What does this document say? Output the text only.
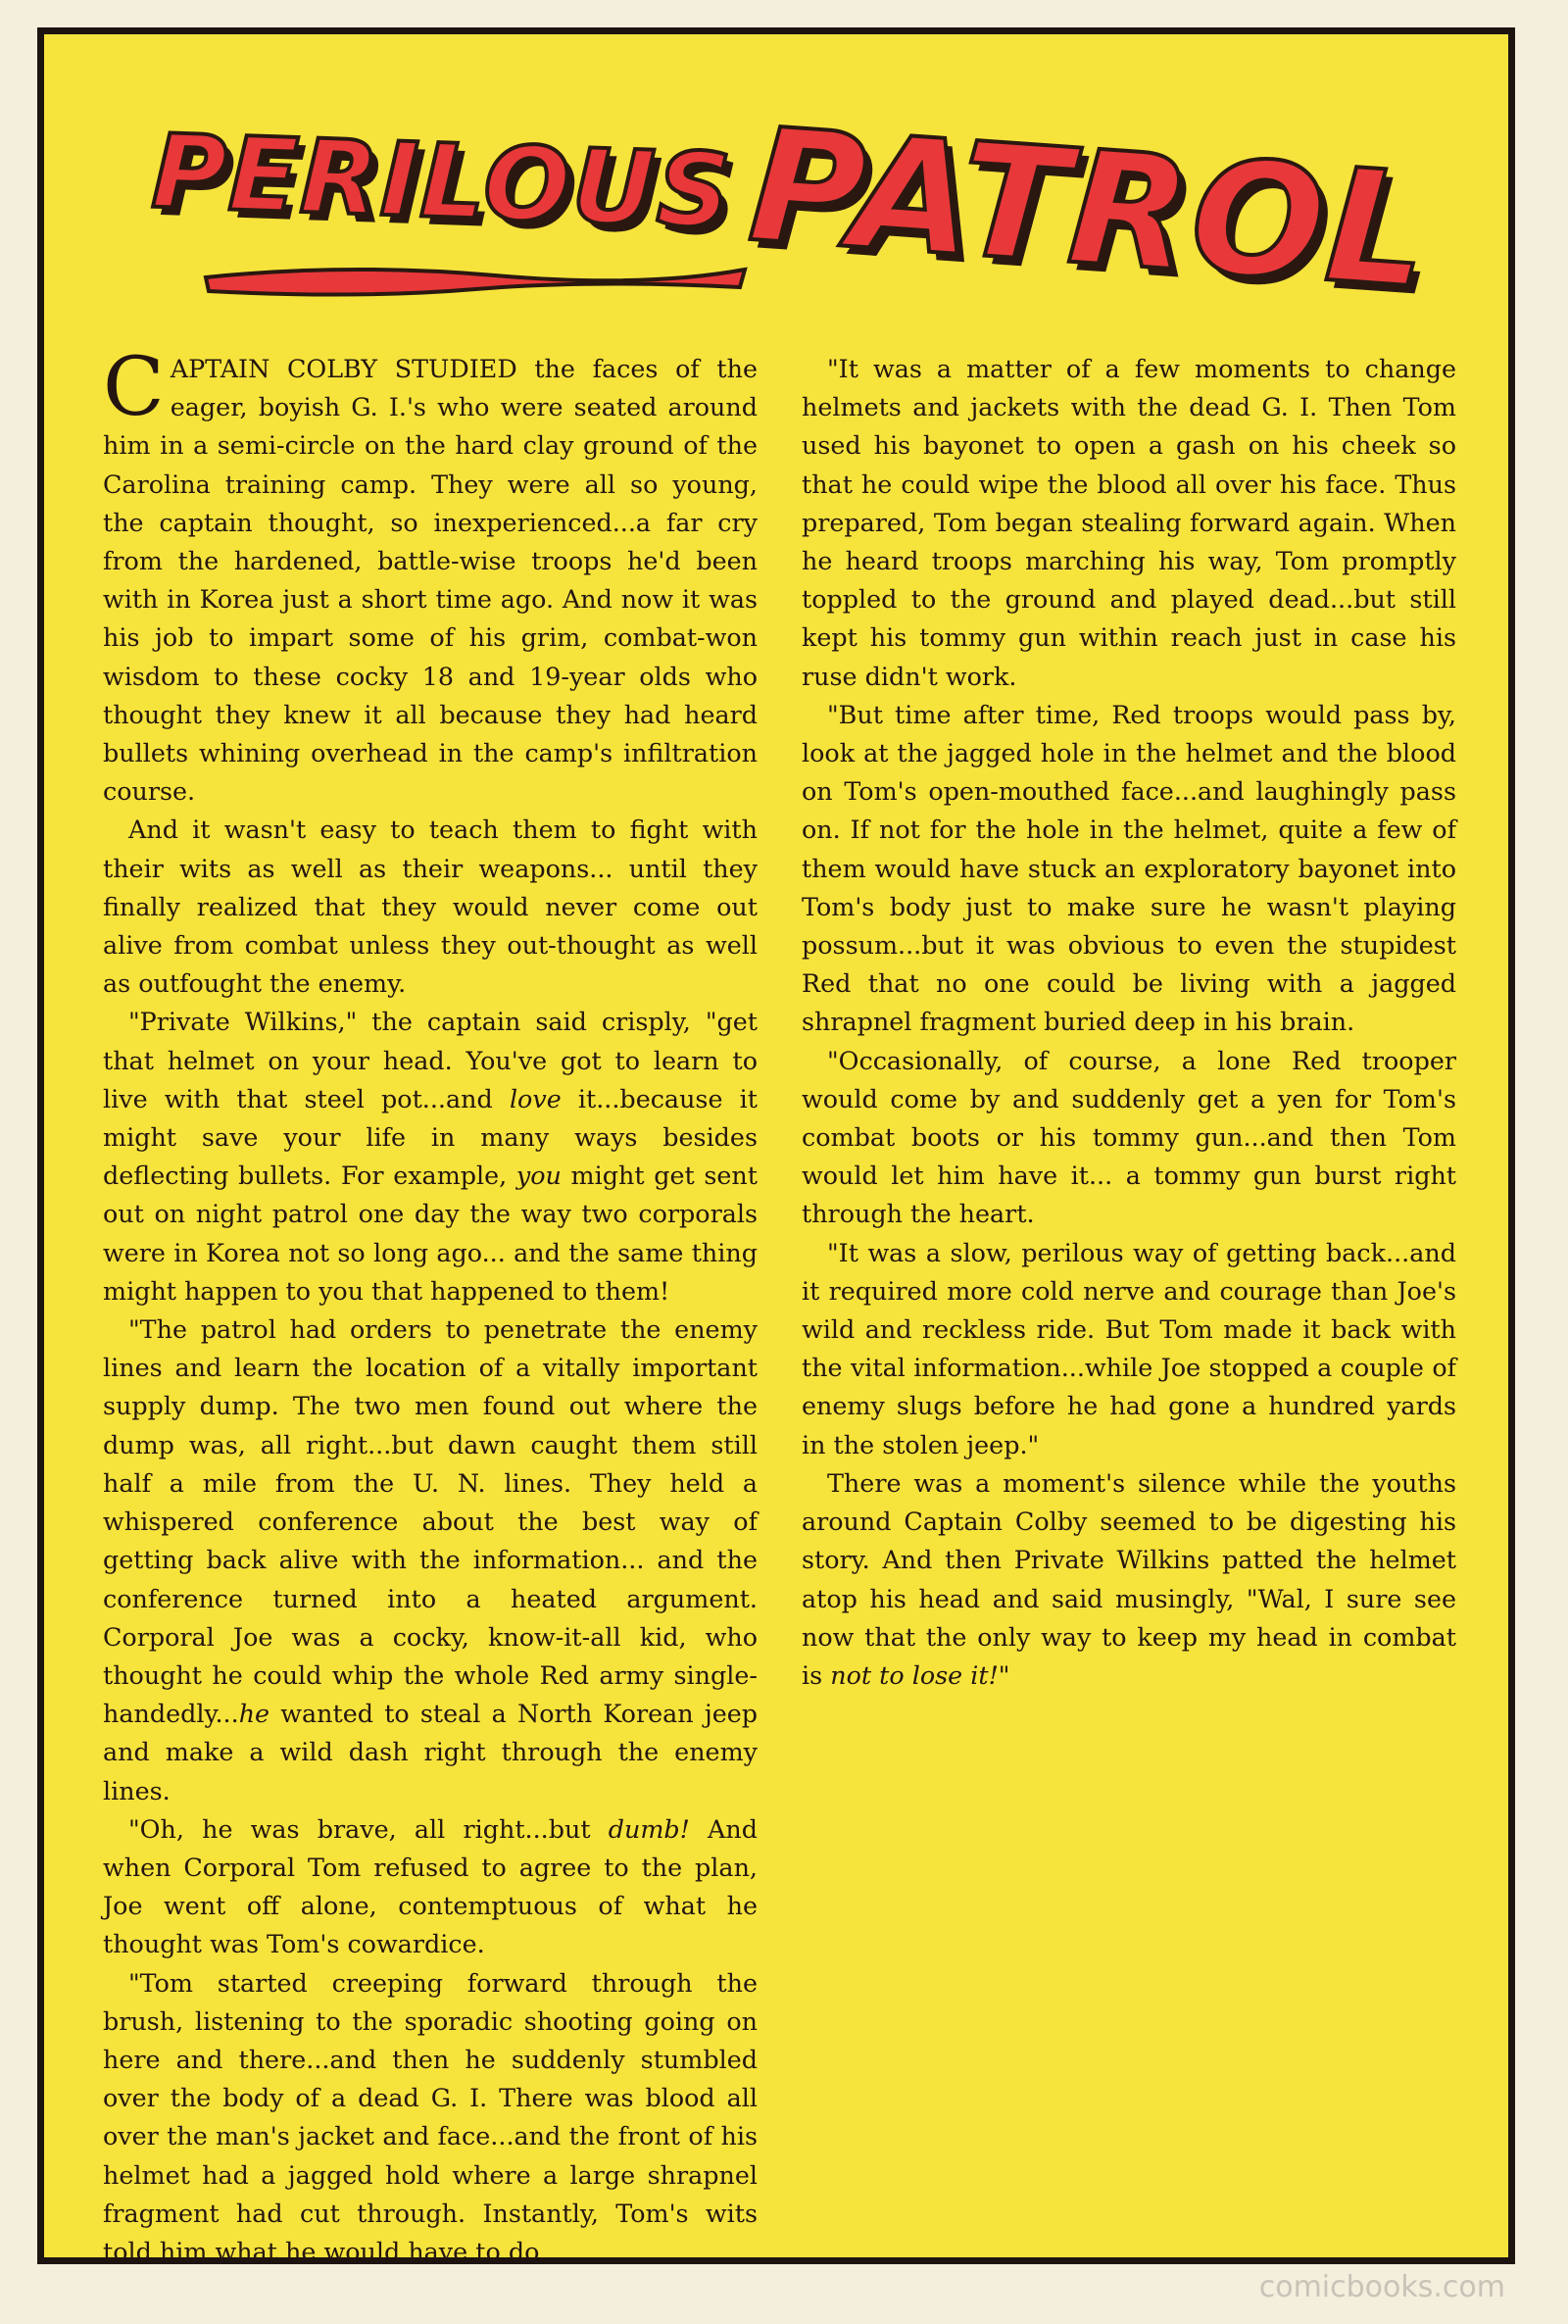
PERILOUS PATROL

CAPTAIN COLBY STUDIED the faces of the eager, boyish G. I.'s who were seated around him in a semi-circle on the hard clay ground of the Carolina training camp. They were all so young, the captain thought, so inexperienced...a far cry from the hardened, battle-wise troops he'd been with in Korea just a short time ago. And now it was his job to impart some of his grim, combat-won wisdom to these cocky 18 and 19-year olds who thought they knew it all because they had heard bullets whining overhead in the camp's infiltration course.

And it wasn't easy to teach them to fight with their wits as well as their weapons... until they finally realized that they would never come out alive from combat unless they out-thought as well as outfought the enemy.

"Private Wilkins," the captain said crisply, "get that helmet on your head. You've got to learn to live with that steel pot...and love it...because it might save your life in many ways besides deflecting bullets. For example, you might get sent out on night patrol one day the way two corporals were in Korea not so long ago... and the same thing might happen to you that happened to them!

"The patrol had orders to penetrate the enemy lines and learn the location of a vitally important supply dump. The two men found out where the dump was, all right...but dawn caught them still half a mile from the U. N. lines. They held a whispered conference about the best way of getting back alive with the information... and the conference turned into a heated argument. Corporal Joe was a cocky, know-it-all kid, who thought he could whip the whole Red army single-handedly...he wanted to steal a North Korean jeep and make a wild dash right through the enemy lines.

"Oh, he was brave, all right...but dumb! And when Corporal Tom refused to agree to the plan, Joe went off alone, contemptuous of what he thought was Tom's cowardice.

"Tom started creeping forward through the brush, listening to the sporadic shooting going on here and there...and then he suddenly stumbled over the body of a dead G. I. There was blood all over the man's jacket and face...and the front of his helmet had a jagged hold where a large shrapnel fragment had cut through. Instantly, Tom's wits told him what he would have to do.

"It was a matter of a few moments to change helmets and jackets with the dead G. I. Then Tom used his bayonet to open a gash on his cheek so that he could wipe the blood all over his face. Thus prepared, Tom began stealing forward again. When he heard troops marching his way, Tom promptly toppled to the ground and played dead...but still kept his tommy gun within reach just in case his ruse didn't work.

"But time after time, Red troops would pass by, look at the jagged hole in the helmet and the blood on Tom's open-mouthed face...and laughingly pass on. If not for the hole in the helmet, quite a few of them would have stuck an exploratory bayonet into Tom's body just to make sure he wasn't playing possum...but it was obvious to even the stupidest Red that no one could be living with a jagged shrapnel fragment buried deep in his brain.

"Occasionally, of course, a lone Red trooper would come by and suddenly get a yen for Tom's combat boots or his tommy gun...and then Tom would let him have it... a tommy gun burst right through the heart.

"It was a slow, perilous way of getting back...and it required more cold nerve and courage than Joe's wild and reckless ride. But Tom made it back with the vital information...while Joe stopped a couple of enemy slugs before he had gone a hundred yards in the stolen jeep."

There was a moment's silence while the youths around Captain Colby seemed to be digesting his story. And then Private Wilkins patted the helmet atop his head and said musingly, "Wal, I sure see now that the only way to keep my head in combat is not to lose it!"

comicbooks.com
